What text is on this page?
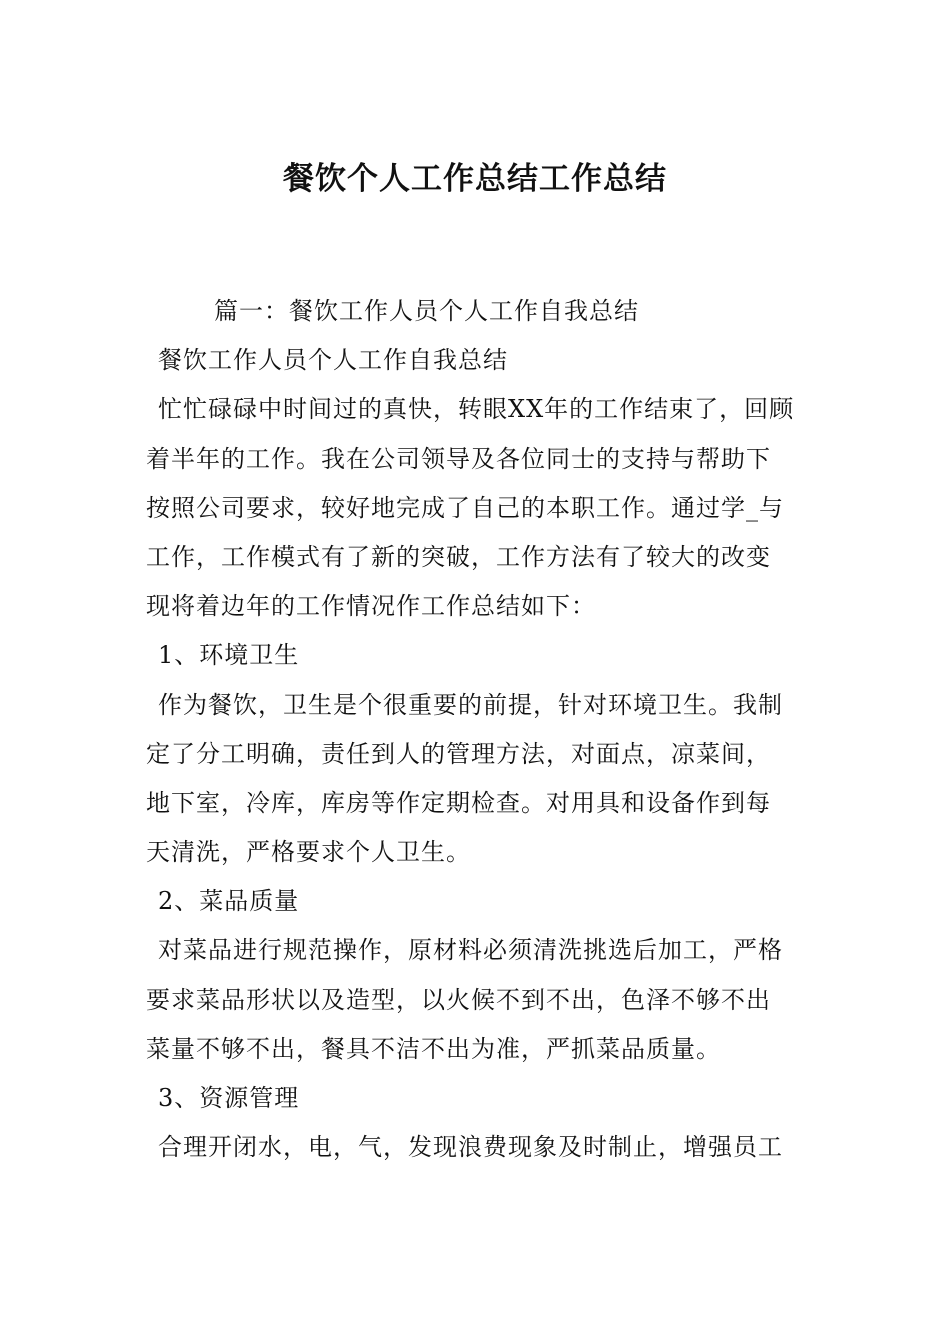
餐饮个人工作总结工作总结
篇一：餐饮工作人员个人工作自我总结
餐饮工作人员个人工作自我总结
忙忙碌碌中时间过的真快，转眼XX年的工作结束了，回顾
着半年的工作。我在公司领导及各位同士的支持与帮助下
按照公司要求，较好地完成了自己的本职工作。通过学_与
工作，工作模式有了新的突破，工作方法有了较大的改变
现将着边年的工作情况作工作总结如下：
1、环境卫生
作为餐饮，卫生是个很重要的前提，针对环境卫生。我制
定了分工明确，责任到人的管理方法，对面点，凉菜间，
地下室，冷库，库房等作定期检查。对用具和设备作到每
天清洗，严格要求个人卫生。
2、菜品质量
对菜品进行规范操作，原材料必须清洗挑选后加工，严格
要求菜品形状以及造型，以火候不到不出，色泽不够不出
菜量不够不出，餐具不洁不出为准，严抓菜品质量。
3、资源管理
合理开闭水，电，气，发现浪费现象及时制止，增强员工
